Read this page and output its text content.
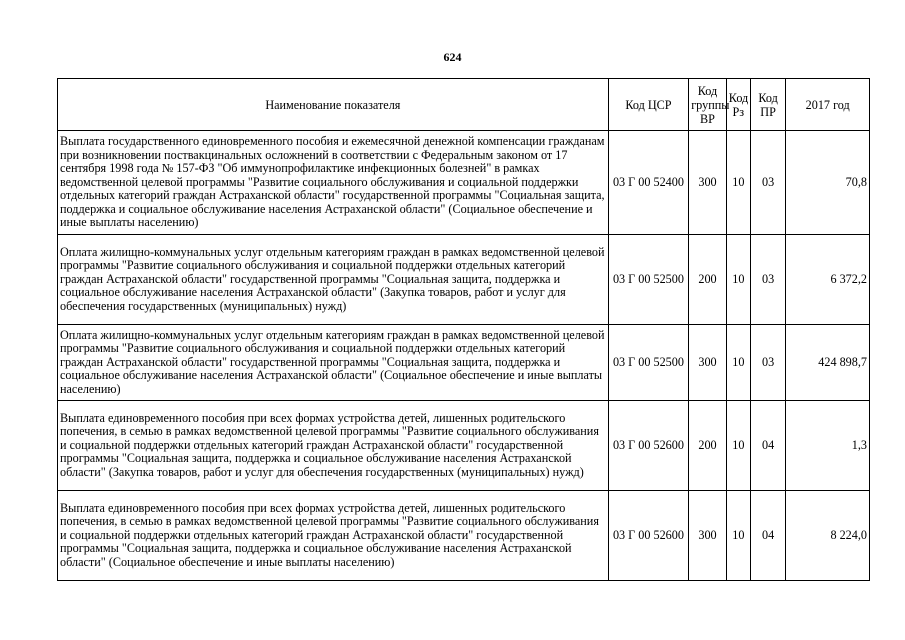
624
Наименование показателя	Код ЦСР	Код группы ВР	Код Рз	Код ПР	2017 год
Выплата государственного единовременного пособия и ежемесячной денежной компенсации гражданам при возникновении поствакцинальных осложнений в соответствии с Федеральным законом от 17 сентября 1998 года № 157-ФЗ "Об иммунопрофилактике инфекционных болезней" в рамках ведомственной целевой программы "Развитие социального обслуживания и социальной поддержки отдельных категорий граждан Астраханской области" государственной программы "Социальная защита, поддержка и социальное обслуживание населения Астраханской области" (Социальное обеспечение и иные выплаты населению)	03 Г 00 52400	300	10	03	70,8
Оплата жилищно-коммунальных услуг отдельным категориям граждан в рамках ведомственной целевой программы "Развитие социального обслуживания и социальной поддержки отдельных категорий граждан Астраханской области" государственной программы "Социальная защита, поддержка и социальное обслуживание населения Астраханской области" (Закупка товаров, работ и услуг для обеспечения государственных (муниципальных) нужд)	03 Г 00 52500	200	10	03	6 372,2
Оплата жилищно-коммунальных услуг отдельным категориям граждан в рамках ведомственной целевой программы "Развитие социального обслуживания и социальной поддержки отдельных категорий граждан Астраханской области" государственной программы "Социальная защита, поддержка и социальное обслуживание населения Астраханской области" (Социальное обеспечение и иные выплаты населению)	03 Г 00 52500	300	10	03	424 898,7
Выплата единовременного пособия при всех формах устройства детей, лишенных родительского попечения, в семью в рамках ведомственной целевой программы "Развитие социального обслуживания и социальной поддержки отдельных категорий граждан Астраханской области" государственной программы "Социальная защита, поддержка и социальное обслуживание населения Астраханской области" (Закупка товаров, работ и услуг для обеспечения государственных (муниципальных) нужд)	03 Г 00 52600	200	10	04	1,3
Выплата единовременного пособия при всех формах устройства детей, лишенных родительского попечения, в семью в рамках ведомственной целевой программы "Развитие социального обслуживания и социальной поддержки отдельных категорий граждан Астраханской области" государственной программы "Социальная защита, поддержка и социальное обслуживание населения Астраханской области" (Социальное обеспечение и иные выплаты населению)	03 Г 00 52600	300	10	04	8 224,0
